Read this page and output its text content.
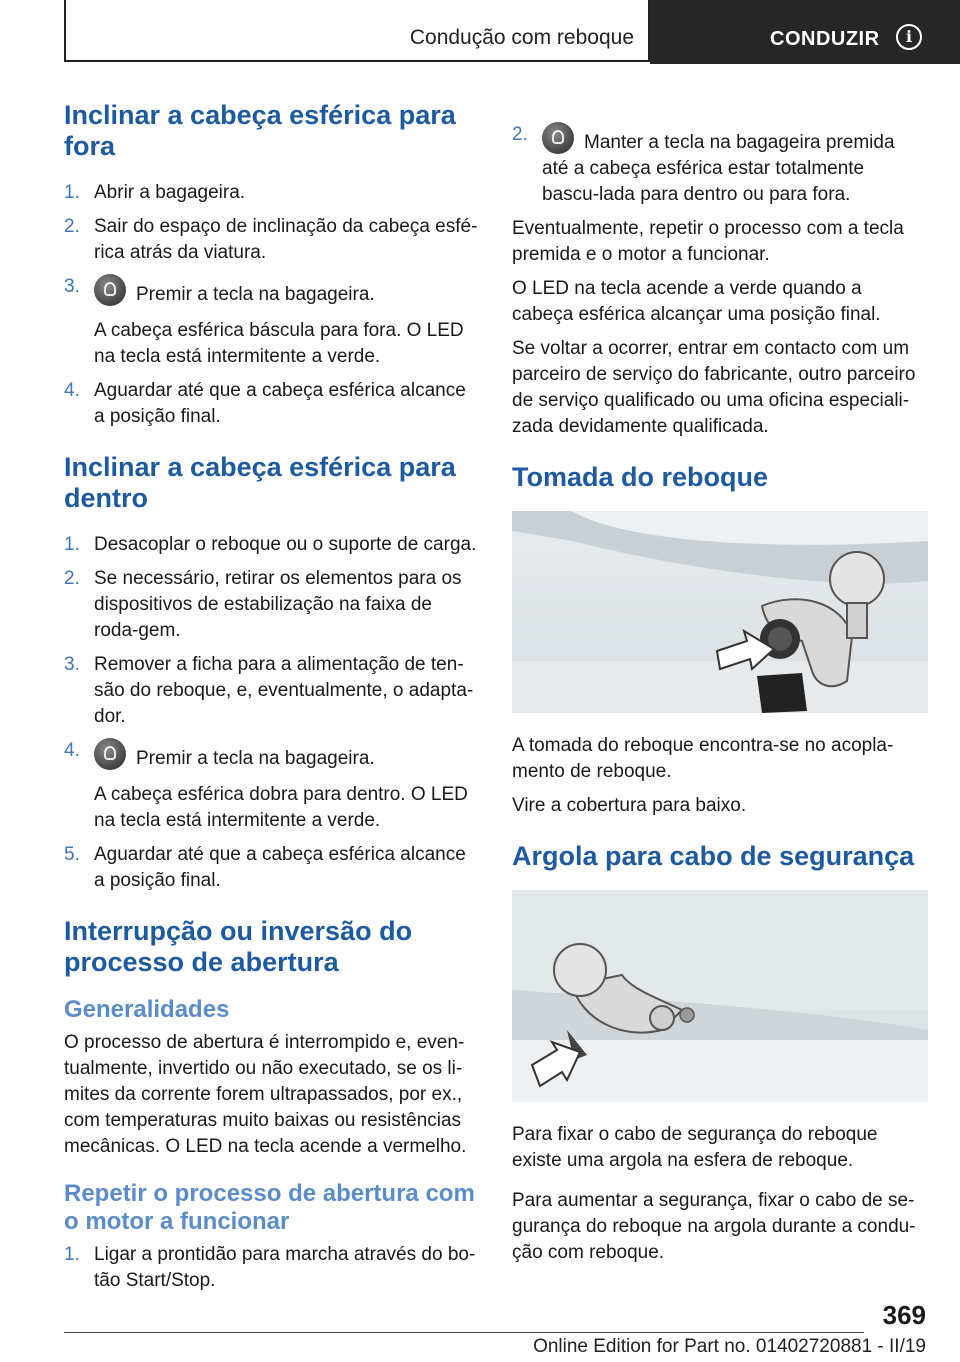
Condução com reboque	CONDUZIR	i
Inclinar a cabeça esférica para fora
1. Abrir a bagageira.
2. Sair do espaço de inclinação da cabeça esfé‐rica atrás da viatura.
3.	Premir a tecla na bagageira.
A cabeça esférica báscula para fora. O LED na tecla está intermitente a verde.
4. Aguardar até que a cabeça esférica alcance a posição final.
Inclinar a cabeça esférica para dentro
1. Desacoplar o reboque ou o suporte de carga.
2. Se necessário, retirar os elementos para os dispositivos de estabilização na faixa de roda‐gem.
3. Remover a ficha para a alimentação de ten‐são do reboque, e, eventualmente, o adapta‐dor.
4.	Premir a tecla na bagageira.
A cabeça esférica dobra para dentro. O LED na tecla está intermitente a verde.
5. Aguardar até que a cabeça esférica alcance a posição final.
Interrupção ou inversão do processo de abertura
Generalidades

O processo de abertura é interrompido e, even‐tualmente, invertido ou não executado, se os li‐mites da corrente forem ultrapassados, por ex., com temperaturas muito baixas ou resistências mecânicas. O LED na tecla acende a vermelho.

Repetir o processo de abertura com o motor a funcionar
1. Ligar a prontidão para marcha através do bo‐tão Start/Stop.
2.	Manter a tecla na bagageira premida até a cabeça esférica estar totalmente bascu‐lada para dentro ou para fora.

Eventualmente, repetir o processo com a tecla premida e o motor a funcionar.

O LED na tecla acende a verde quando a cabeça esférica alcançar uma posição final.

Se voltar a ocorrer, entrar em contacto com um parceiro de serviço do fabricante, outro parceiro de serviço qualificado ou uma oficina especiali‐zada devidamente qualificada.

Tomada do reboque

A tomada do reboque encontra-se no acopla‐mento de reboque.

Vire a cobertura para baixo.

Argola para cabo de segurança

Para fixar o cabo de segurança do reboque existe uma argola na esfera de reboque.

Para aumentar a segurança, fixar o cabo de se‐gurança do reboque na argola durante a condu‐ção com reboque.

369
Online Edition for Part no. 01402720881 - II/19
